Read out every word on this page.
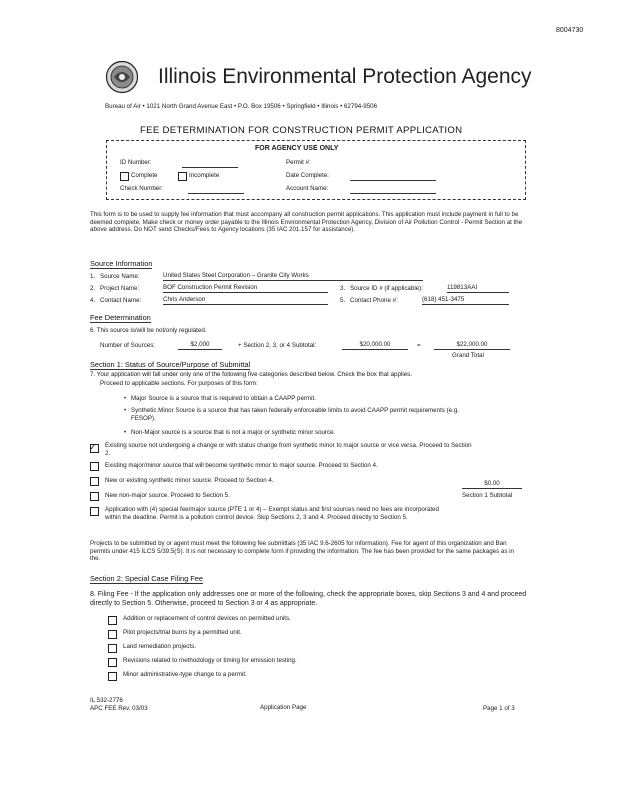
8004730
Illinois Environmental Protection Agency
Bureau of Air • 1021 North Grand Avenue East • P.O. Box 19506 • Springfield • Illinois • 62794-9506
FEE DETERMINATION FOR CONSTRUCTION PERMIT APPLICATION
FOR AGENCY USE ONLY
ID Number:	Permit #:
Complete	Incomplete	Date Complete:
Check Number:	Account Name:
This form is to be used to supply fee information that must accompany all construction permit applications. This application must include payment in full to be deemed complete. Make check or money order payable to the Illinois Environmental Protection Agency, Division of Air Pollution Control - Permit Section at the above address. Do NOT send Checks/Fees to Agency locations (35 IAC 201.157 for assistance).
Source Information
1. Source Name:	United States Steel Corporation – Granite City Works
2. Project Name:	BOF Construction Permit Revision	3. Source ID # (if applicable):	119813AAI
4. Contact Name:	Chris Anderson	5. Contact Phone #:	(618) 451-3475
Fee Determination
6. This source is/will be not/only regulated.
Number of Sources:	$2,000	+ Section 2, 3, or 4 Subtotal:	$20,000.00	=	$22,000.00
Grand Total
Section 1: Status of Source/Purpose of Submittal
7. Your application will fall under only one of the following five categories described below. Check the box that applies.
Proceed to applicable sections. For purposes of this form:
• Major Source is a source that is required to obtain a CAAPP permit.
• Synthetic Minor Source is a source that has taken federally enforceable limits to avoid CAAPP permit requirements (e.g. FESOP).
• Non-Major source is a source that is not a major or synthetic minor source.
✓ Existing source not undergoing a change or with status change from synthetic minor to major source or vice versa. Proceed to Section 2.
Existing major/minor source that will become synthetic minor to major source. Proceed to Section 4.
New or existing synthetic minor source. Proceed to Section 4.	$0.00
New non-major source. Proceed to Section 5.	Section 1 Subtotal
Application with (4) special fee/major source (PTE 1 or 4) – Exempt status and first sources need no fees are incorporated within the deadline. Permit is a pollution control device. Skip Sections 2, 3 and 4. Proceed directly to Section 5.
Projects to be submitted by or agent must meet the following fee submittals (35 IAC 9.6-2605 for information). Fee for agent of this organization and Ban permits under 415 ILCS 5/39.5(S). It is not necessary to complete form if providing the information. The fee has been provided for the same packages as in the.
Section 2: Special Case Filing Fee
8. Filing Fee - If the application only addresses one or more of the following, check the appropriate boxes, skip Sections 3 and 4 and proceed directly to Section 5. Otherwise, proceed to Section 3 or 4 as appropriate.
Addition or replacement of control devices on permitted units.
Pilot projects/trial burns by a permitted unit.
Land remediation projects.
Revisions related to methodology or timing for emission testing.
Minor administrative-type change to a permit.
IL 532-2776
APC FEE Rev. 03/03	Application Page	Page 1 of 3
